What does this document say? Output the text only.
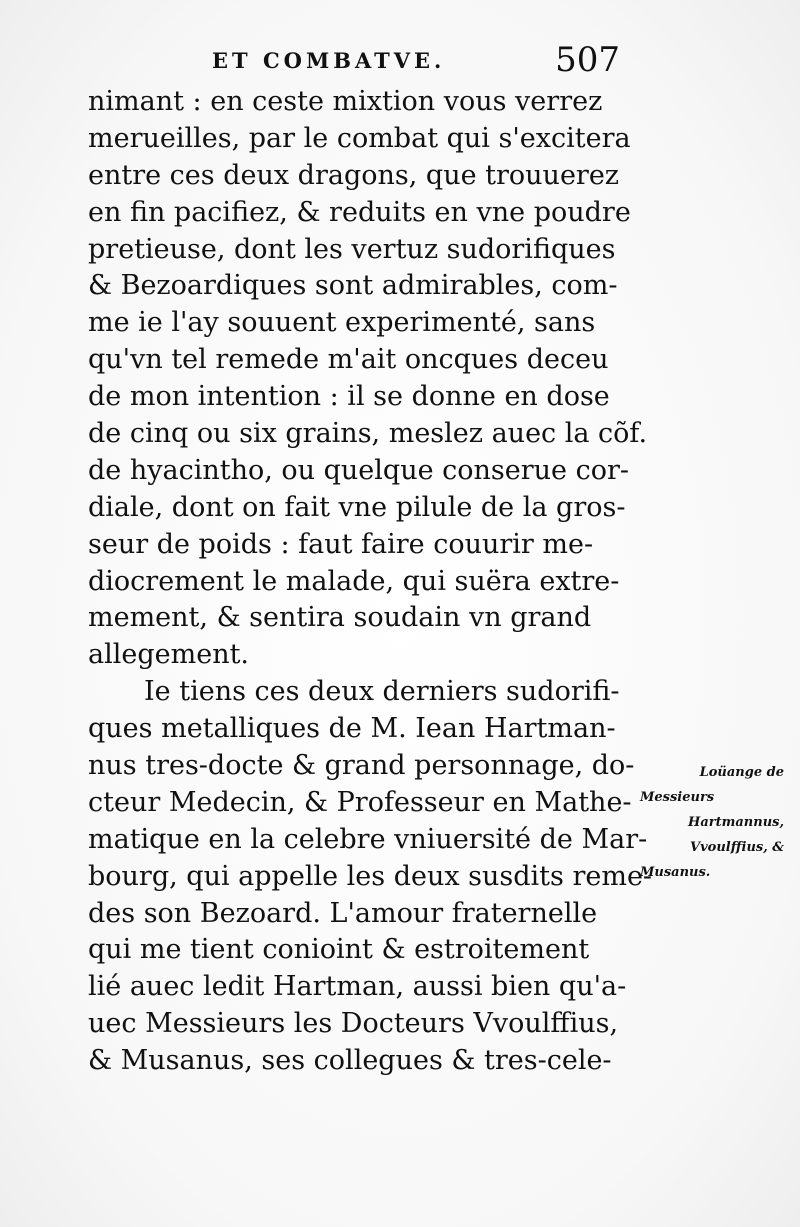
ET COMBATVE.	507
nimant : en ceste mixtion vous verrez
merueilles, par le combat qui s'excitera
entre ces deux dragons, que trouuerez
en fin pacifiez, & reduits en vne poudre
pretieuse, dont les vertuz sudorifiques
& Bezoardiques sont admirables, com-
me ie l'ay souuent experimenté, sans
qu'vn tel remede m'ait oncques deceu
de mon intention : il se donne en dose
de cinq ou six grains, meslez auec la cõf.
de hyacintho, ou quelque conserue cor-
diale, dont on fait vne pilule de la gros-
seur de poids : faut faire couurir me-
diocrement le malade, qui suëra extre-
mement, & sentira soudain vn grand
allegement.
Ie tiens ces deux derniers sudorifi-
ques metalliques de M. Iean Hartman-
nus tres-docte & grand personnage, do-
cteur Medecin, & Professeur en Mathe-
matique en la celebre vniuersité de Mar-
bourg, qui appelle les deux susdits reme-
des son Bezoard. L'amour fraternelle
qui me tient conioint & estroitement
lié auec ledit Hartman, aussi bien qu'a-
uec Messieurs les Docteurs Vvoulffius,
& Musanus, ses collegues & tres-cele-
Loüange de
Messieurs
Hartmannus,
Vvoulffius, &
Musanus.
